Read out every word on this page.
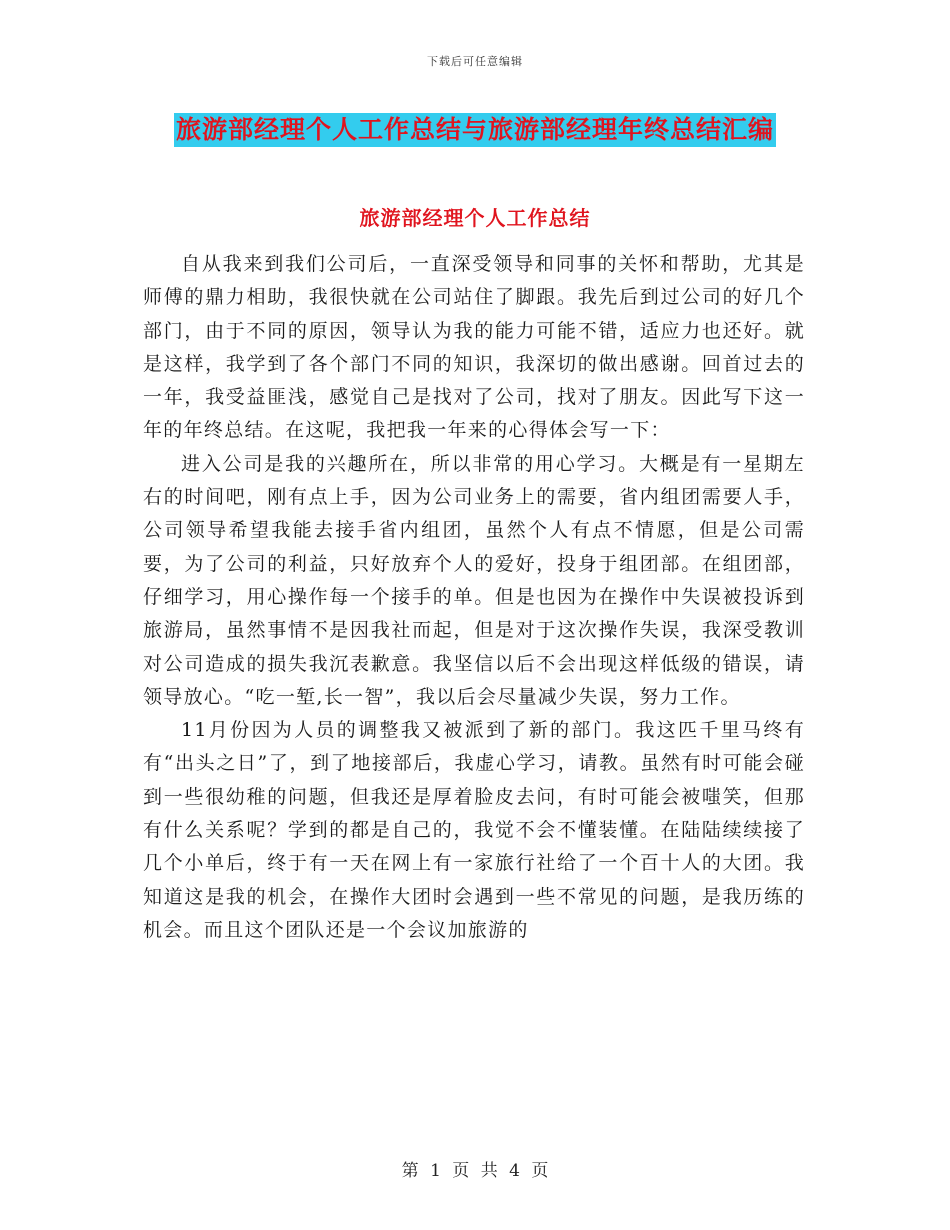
下载后可任意编辑
旅游部经理个人工作总结与旅游部经理年终总结汇编
旅游部经理个人工作总结

自从我来到我们公司后，一直深受领导和同事的关怀和帮助，尤其是师傅的鼎力相助，我很快就在公司站住了脚跟。我先后到过公司的好几个部门，由于不同的原因，领导认为我的能力可能不错，适应力也还好。就是这样，我学到了各个部门不同的知识，我深切的做出感谢。回首过去的一年，我受益匪浅，感觉自己是找对了公司，找对了朋友。因此写下这一年的年终总结。在这呢，我把我一年来的心得体会写一下：

进入公司是我的兴趣所在，所以非常的用心学习。大概是有一星期左右的时间吧，刚有点上手，因为公司业务上的需要，省内组团需要人手，公司领导希望我能去接手省内组团，虽然个人有点不情愿，但是公司需要，为了公司的利益，只好放弃个人的爱好，投身于组团部。在组团部，仔细学习，用心操作每一个接手的单。但是也因为在操作中失误被投诉到旅游局，虽然事情不是因我社而起，但是对于这次操作失误，我深受教训对公司造成的损失我沉表歉意。我坚信以后不会出现这样低级的错误，请领导放心。“吃一堑,长一智”，我以后会尽量减少失误，努力工作。

11月份因为人员的调整我又被派到了新的部门。我这匹千里马终有有“出头之日”了，到了地接部后，我虚心学习，请教。虽然有时可能会碰到一些很幼稚的问题，但我还是厚着脸皮去问，有时可能会被嗤笑，但那有什么关系呢？学到的都是自己的，我觉不会不懂装懂。在陆陆续续接了几个小单后，终于有一天在网上有一家旅行社给了一个百十人的大团。我知道这是我的机会，在操作大团时会遇到一些不常见的问题，是我历练的机会。而且这个团队还是一个会议加旅游的

第 1 页 共 4 页
